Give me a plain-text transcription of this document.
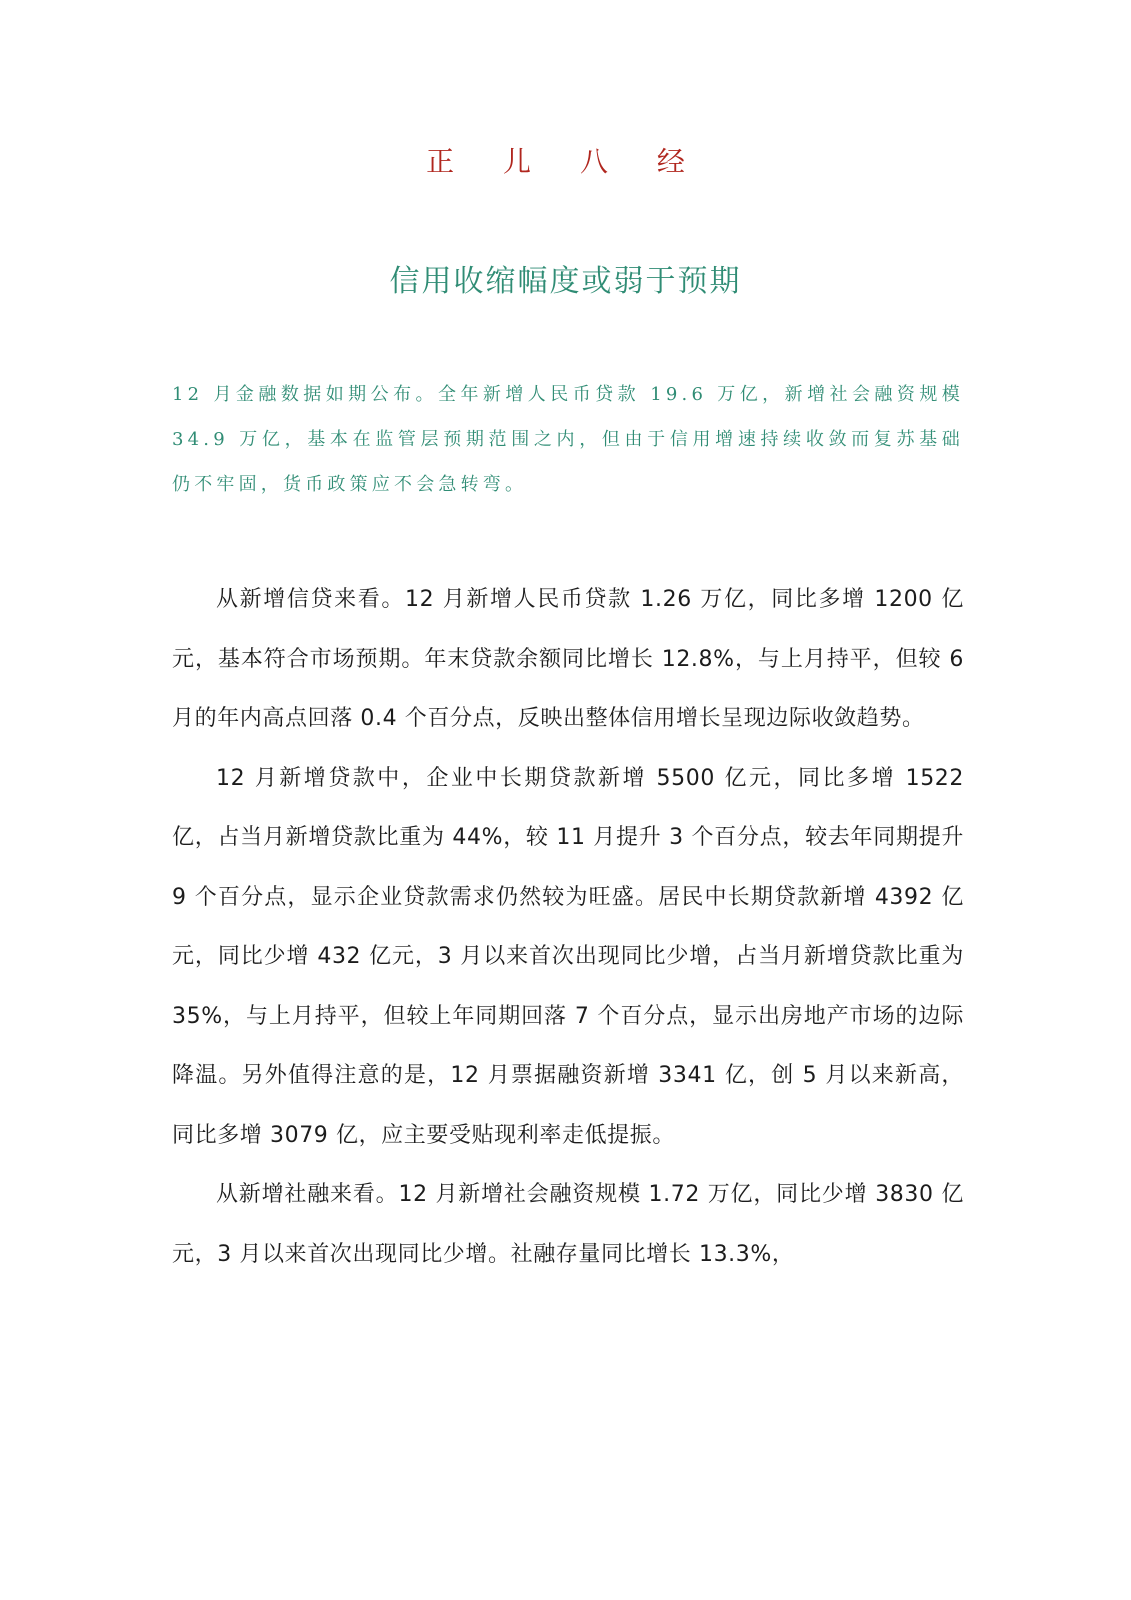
正 儿 八 经
信用收缩幅度或弱于预期

12 月金融数据如期公布。全年新增人民币贷款 19.6 万亿，新增社会融资规模 34.9 万亿，基本在监管层预期范围之内，但由于信用增速持续收敛而复苏基础仍不牢固，货币政策应不会急转弯。

从新增信贷来看。12 月新增人民币贷款 1.26 万亿，同比多增 1200 亿元，基本符合市场预期。年末贷款余额同比增长 12.8%，与上月持平，但较 6 月的年内高点回落 0.4 个百分点，反映出整体信用增长呈现边际收敛趋势。

12 月新增贷款中，企业中长期贷款新增 5500 亿元，同比多增 1522 亿，占当月新增贷款比重为 44%，较 11 月提升 3 个百分点，较去年同期提升 9 个百分点，显示企业贷款需求仍然较为旺盛。居民中长期贷款新增 4392 亿元，同比少增 432 亿元，3 月以来首次出现同比少增，占当月新增贷款比重为 35%，与上月持平，但较上年同期回落 7 个百分点，显示出房地产市场的边际降温。另外值得注意的是，12 月票据融资新增 3341 亿，创 5 月以来新高，同比多增 3079 亿，应主要受贴现利率走低提振。

从新增社融来看。12 月新增社会融资规模 1.72 万亿，同比少增 3830 亿元，3 月以来首次出现同比少增。社融存量同比增长 13.3%，
